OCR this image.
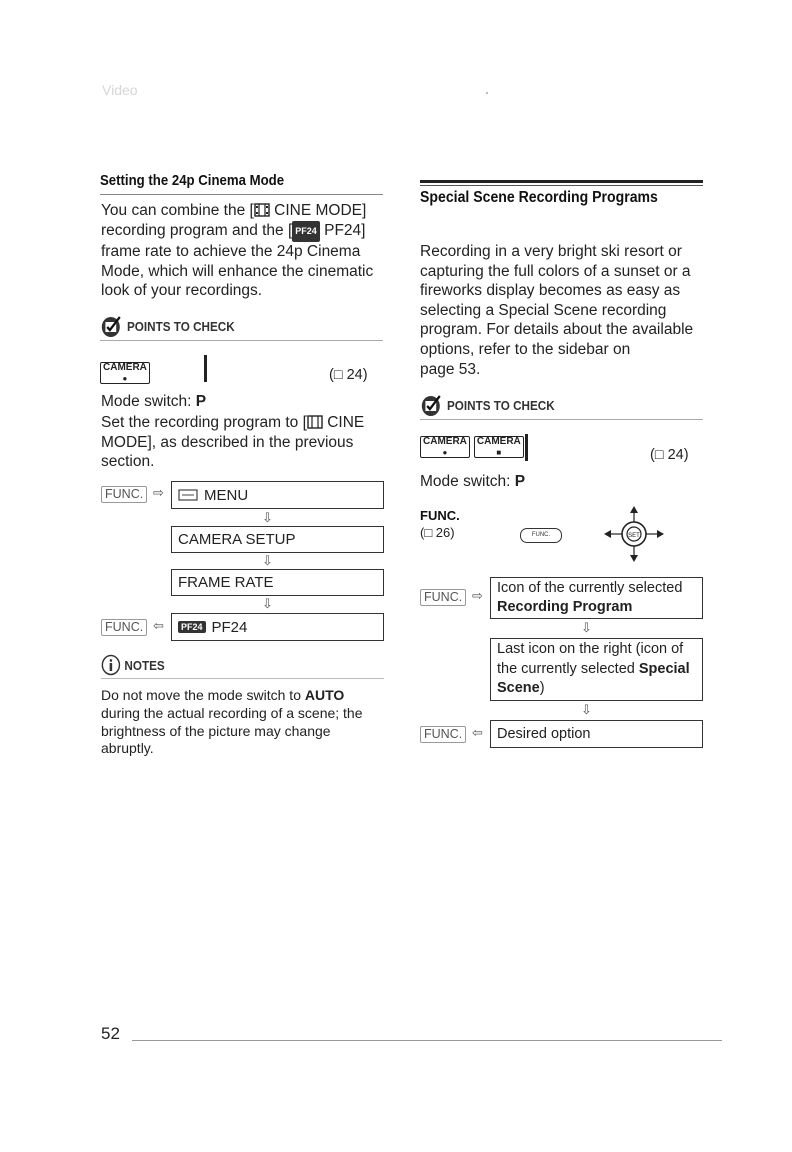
Video
Setting the 24p Cinema Mode
You can combine the [ CINE MODE]
recording program and the [ PF24 PF24]
frame rate to achieve the 24p Cinema
Mode, which will enhance the cinematic
look of your recordings.
POINTS TO CHECK
CAMERA
●	(□ 24)
Mode switch: P
Set the recording program to [ CINE
MODE], as described in the previous
section.
FUNC. ⇨	MENU
⇩
CAMERA SETUP
⇩
FRAME RATE
⇩
FUNC. ⇦	PF24 PF24
NOTES
Do not move the mode switch to AUTO
during the actual recording of a scene; the
brightness of the picture may change
abruptly.
Special Scene Recording Programs
Recording in a very bright ski resort or
capturing the full colors of a sunset or a
fireworks display becomes as easy as
selecting a Special Scene recording
program. For details about the available
options, refer to the sidebar on
page 53.
POINTS TO CHECK
CAMERA
●
CAMERA
■	(□ 24)
Mode switch: P
FUNC.
(□ 26)	FUNC.	SET
FUNC. ⇨ Icon of the currently selected
Recording Program
⇩
Last icon on the right (icon of
the currently selected Special
Scene)
⇩
FUNC. ⇦ Desired option
52
